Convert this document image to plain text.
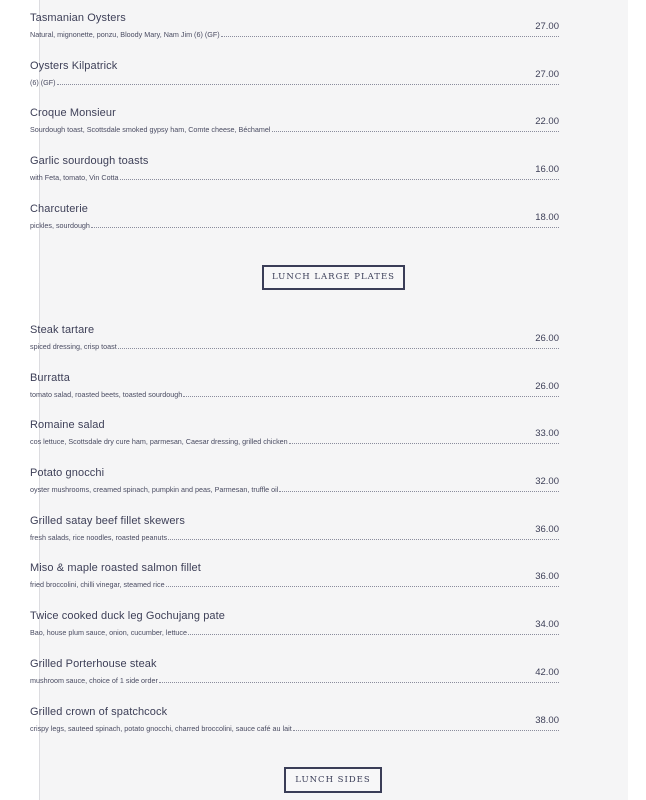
Tasmanian Oysters
Natural, mignonette, ponzu, Bloody Mary, Nam Jim (6) (GF)
27.00
Oysters Kilpatrick
(6) (GF)
27.00
Croque Monsieur
Sourdough toast, Scottsdale smoked gypsy ham, Comte cheese, Béchamel
22.00
Garlic sourdough toasts
with Feta, tomato, Vin Cotta
16.00
Charcuterie
pickles, sourdough
18.00
LUNCH LARGE PLATES
Steak tartare
spiced dressing, crisp toast
26.00
Burratta
tomato salad, roasted beets, toasted sourdough
26.00
Romaine salad
cos lettuce, Scottsdale dry cure ham, parmesan, Caesar dressing, grilled chicken
33.00
Potato gnocchi
oyster mushrooms, creamed spinach, pumpkin and peas, Parmesan, truffle oil
32.00
Grilled satay beef fillet skewers
fresh salads, rice noodles, roasted peanuts
36.00
Miso & maple roasted salmon fillet
fried broccolini, chilli vinegar, steamed rice
36.00
Twice cooked duck leg Gochujang pate
Bao, house plum sauce, onion, cucumber, lettuce
34.00
Grilled Porterhouse steak
mushroom sauce, choice of 1 side order
42.00
Grilled crown of spatchcock
crispy legs, sauteed spinach, potato gnocchi, charred broccolini, sauce café au lait
38.00
LUNCH SIDES
